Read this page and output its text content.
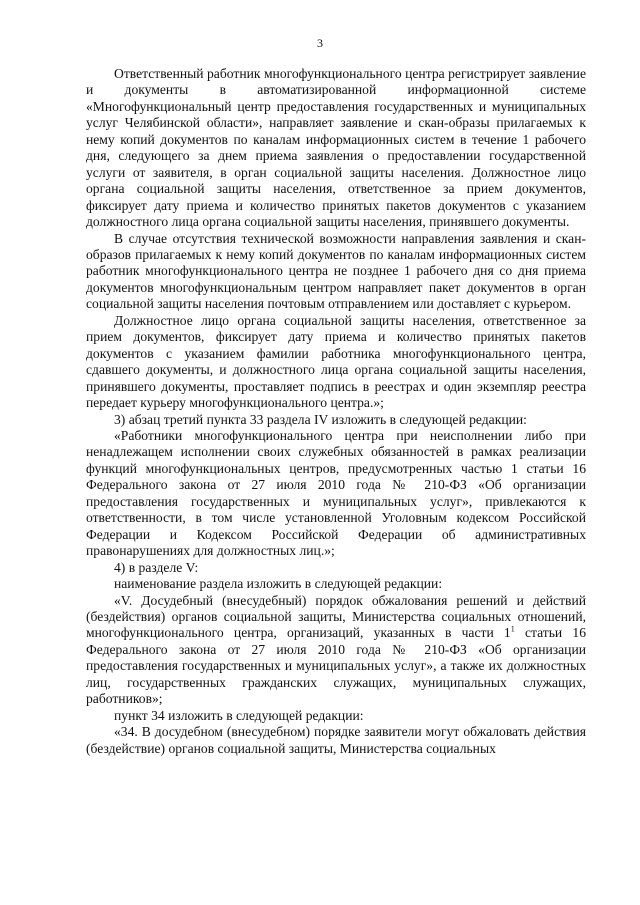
3

Ответственный работник многофункционального центра регистрирует заявление и документы в автоматизированной информационной системе «Многофункциональный центр предоставления государственных и муниципальных услуг Челябинской области», направляет заявление и скан-образы прилагаемых к нему копий документов по каналам информационных систем в течение 1 рабочего дня, следующего за днем приема заявления о предоставлении государственной услуги от заявителя, в орган социальной защиты населения. Должностное лицо органа социальной защиты населения, ответственное за прием документов, фиксирует дату приема и количество принятых пакетов документов с указанием должностного лица органа социальной защиты населения, принявшего документы.

В случае отсутствия технической возможности направления заявления и скан-образов прилагаемых к нему копий документов по каналам информационных систем работник многофункционального центра не позднее 1 рабочего дня со дня приема документов многофункциональным центром направляет пакет документов в орган социальной защиты населения почтовым отправлением или доставляет с курьером.

Должностное лицо органа социальной защиты населения, ответственное за прием документов, фиксирует дату приема и количество принятых пакетов документов с указанием фамилии работника многофункционального центра, сдавшего документы, и должностного лица органа социальной защиты населения, принявшего документы, проставляет подпись в реестрах и один экземпляр реестра передает курьеру многофункционального центра.»;

3) абзац третий пункта 33 раздела IV изложить в следующей редакции:

«Работники многофункционального центра при неисполнении либо при ненадлежащем исполнении своих служебных обязанностей в рамках реализации функций многофункциональных центров, предусмотренных частью 1 статьи 16 Федерального закона от 27 июля 2010 года № 210-ФЗ «Об организации предоставления государственных и муниципальных услуг», привлекаются к ответственности, в том числе установленной Уголовным кодексом Российской Федерации и Кодексом Российской Федерации об административных правонарушениях для должностных лиц.»;

4) в разделе V:

наименование раздела изложить в следующей редакции:

«V. Досудебный (внесудебный) порядок обжалования решений и действий (бездействия) органов социальной защиты, Министерства социальных отношений, многофункционального центра, организаций, указанных в части $1^1$ статьи 16 Федерального закона от 27 июля 2010 года № 210-ФЗ «Об организации предоставления государственных и муниципальных услуг», а также их должностных лиц, государственных гражданских служащих, муниципальных служащих, работников»;

пункт 34 изложить в следующей редакции:

«34. В досудебном (внесудебном) порядке заявители могут обжаловать действия (бездействие) органов социальной защиты, Министерства социальных
